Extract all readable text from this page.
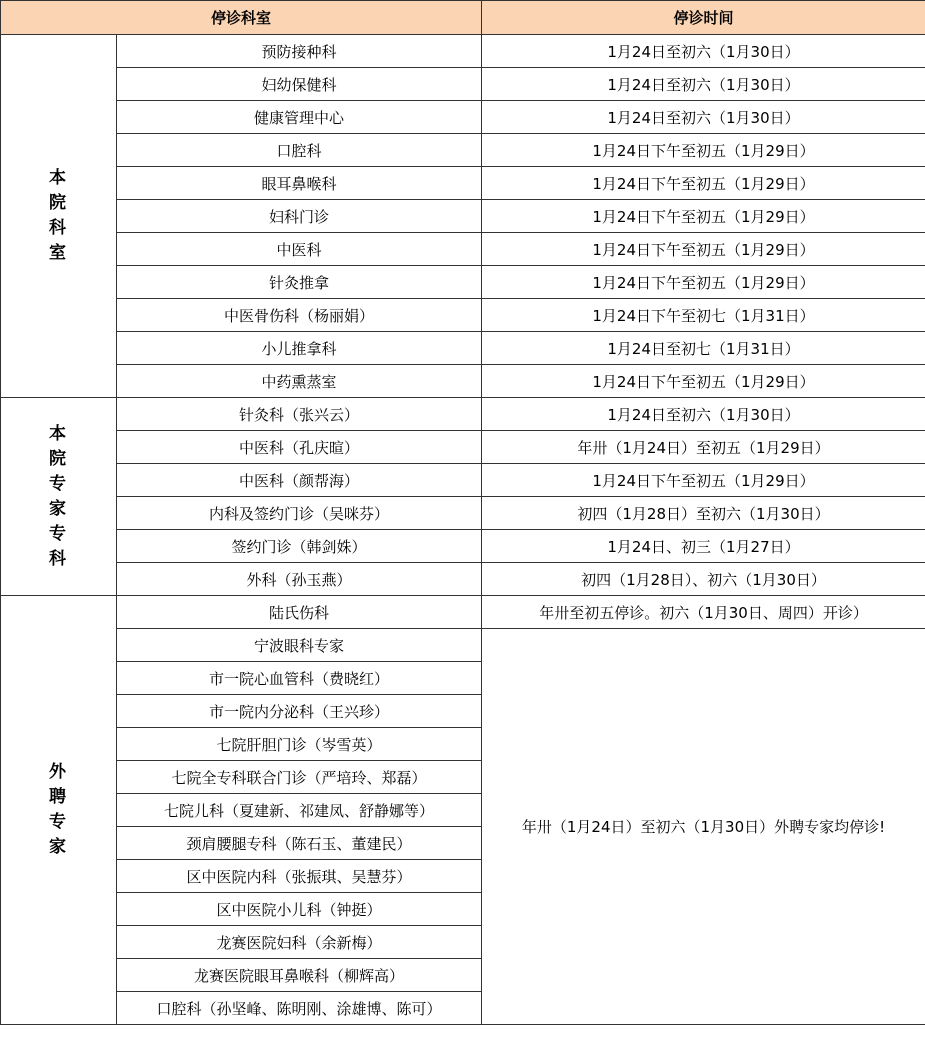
停诊科室		停诊时间
本院科室	预防接种科	1月24日至初六（1月30日）
	妇幼保健科	1月24日至初六（1月30日）
	健康管理中心	1月24日至初六（1月30日）
	口腔科	1月24日下午至初五（1月29日）
	眼耳鼻喉科	1月24日下午至初五（1月29日）
	妇科门诊	1月24日下午至初五（1月29日）
	中医科	1月24日下午至初五（1月29日）
	针灸推拿	1月24日下午至初五（1月29日）
	中医骨伤科（杨丽娟）	1月24日下午至初七（1月31日）
	小儿推拿科	1月24日至初七（1月31日）
	中药熏蒸室	1月24日下午至初五（1月29日）
本院专家专科	针灸科（张兴云）	1月24日至初六（1月30日）
	中医科（孔庆暄）	年卅（1月24日）至初五（1月29日）
	中医科（颜帮海）	1月24日下午至初五（1月29日）
	内科及签约门诊（吴咪芬）	初四（1月28日）至初六（1月30日）
	签约门诊（韩剑姝）	1月24日、初三（1月27日）
	外科（孙玉燕）	初四（1月28日）、初六（1月30日）
外聘专家	陆氏伤科	年卅至初五停诊。初六（1月30日、周四）开诊）
	宁波眼科专家	年卅（1月24日）至初六（1月30日）外聘专家均停诊!
	市一院心血管科（费晓红）	
	市一院内分泌科（王兴珍）	
	七院肝胆门诊（岑雪英）	
	七院全专科联合门诊（严培玲、郑磊）	
	七院儿科（夏建新、祁建凤、舒静娜等）	
	颈肩腰腿专科（陈石玉、董建民）	
	区中医院内科（张振琪、吴慧芬）	
	区中医院小儿科（钟挺）	
	龙赛医院妇科（余新梅）	
	龙赛医院眼耳鼻喉科（柳辉高）	
	口腔科（孙坚峰、陈明刚、涂雄博、陈可）	
